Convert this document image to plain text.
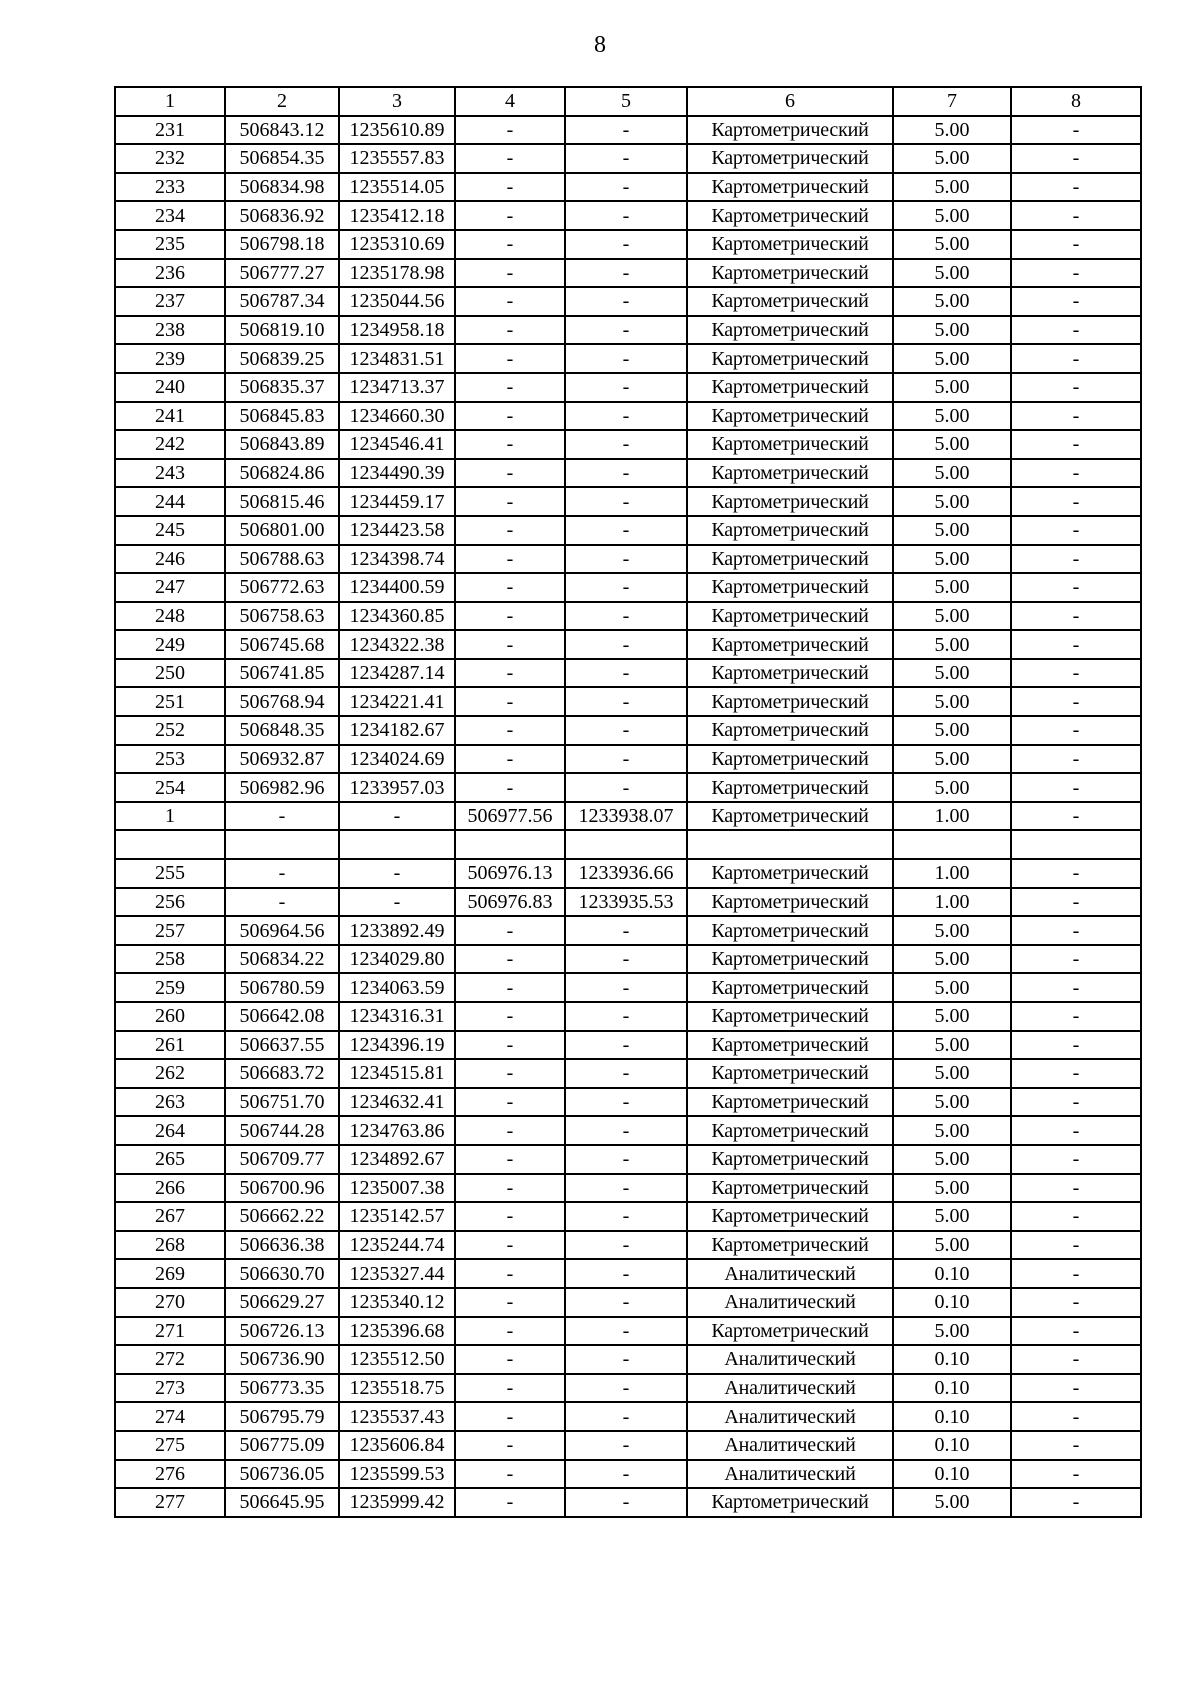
8
1	2	3	4	5	6	7	8
231	506843.12	1235610.89	-	-	Картометрический	5.00	-
232	506854.35	1235557.83	-	-	Картометрический	5.00	-
233	506834.98	1235514.05	-	-	Картометрический	5.00	-
234	506836.92	1235412.18	-	-	Картометрический	5.00	-
235	506798.18	1235310.69	-	-	Картометрический	5.00	-
236	506777.27	1235178.98	-	-	Картометрический	5.00	-
237	506787.34	1235044.56	-	-	Картометрический	5.00	-
238	506819.10	1234958.18	-	-	Картометрический	5.00	-
239	506839.25	1234831.51	-	-	Картометрический	5.00	-
240	506835.37	1234713.37	-	-	Картометрический	5.00	-
241	506845.83	1234660.30	-	-	Картометрический	5.00	-
242	506843.89	1234546.41	-	-	Картометрический	5.00	-
243	506824.86	1234490.39	-	-	Картометрический	5.00	-
244	506815.46	1234459.17	-	-	Картометрический	5.00	-
245	506801.00	1234423.58	-	-	Картометрический	5.00	-
246	506788.63	1234398.74	-	-	Картометрический	5.00	-
247	506772.63	1234400.59	-	-	Картометрический	5.00	-
248	506758.63	1234360.85	-	-	Картометрический	5.00	-
249	506745.68	1234322.38	-	-	Картометрический	5.00	-
250	506741.85	1234287.14	-	-	Картометрический	5.00	-
251	506768.94	1234221.41	-	-	Картометрический	5.00	-
252	506848.35	1234182.67	-	-	Картометрический	5.00	-
253	506932.87	1234024.69	-	-	Картометрический	5.00	-
254	506982.96	1233957.03	-	-	Картометрический	5.00	-
1	-	-	506977.56	1233938.07	Картометрический	1.00	-

255	-	-	506976.13	1233936.66	Картометрический	1.00	-
256	-	-	506976.83	1233935.53	Картометрический	1.00	-
257	506964.56	1233892.49	-	-	Картометрический	5.00	-
258	506834.22	1234029.80	-	-	Картометрический	5.00	-
259	506780.59	1234063.59	-	-	Картометрический	5.00	-
260	506642.08	1234316.31	-	-	Картометрический	5.00	-
261	506637.55	1234396.19	-	-	Картометрический	5.00	-
262	506683.72	1234515.81	-	-	Картометрический	5.00	-
263	506751.70	1234632.41	-	-	Картометрический	5.00	-
264	506744.28	1234763.86	-	-	Картометрический	5.00	-
265	506709.77	1234892.67	-	-	Картометрический	5.00	-
266	506700.96	1235007.38	-	-	Картометрический	5.00	-
267	506662.22	1235142.57	-	-	Картометрический	5.00	-
268	506636.38	1235244.74	-	-	Картометрический	5.00	-
269	506630.70	1235327.44	-	-	Аналитический	0.10	-
270	506629.27	1235340.12	-	-	Аналитический	0.10	-
271	506726.13	1235396.68	-	-	Картометрический	5.00	-
272	506736.90	1235512.50	-	-	Аналитический	0.10	-
273	506773.35	1235518.75	-	-	Аналитический	0.10	-
274	506795.79	1235537.43	-	-	Аналитический	0.10	-
275	506775.09	1235606.84	-	-	Аналитический	0.10	-
276	506736.05	1235599.53	-	-	Аналитический	0.10	-
277	506645.95	1235999.42	-	-	Картометрический	5.00	-
